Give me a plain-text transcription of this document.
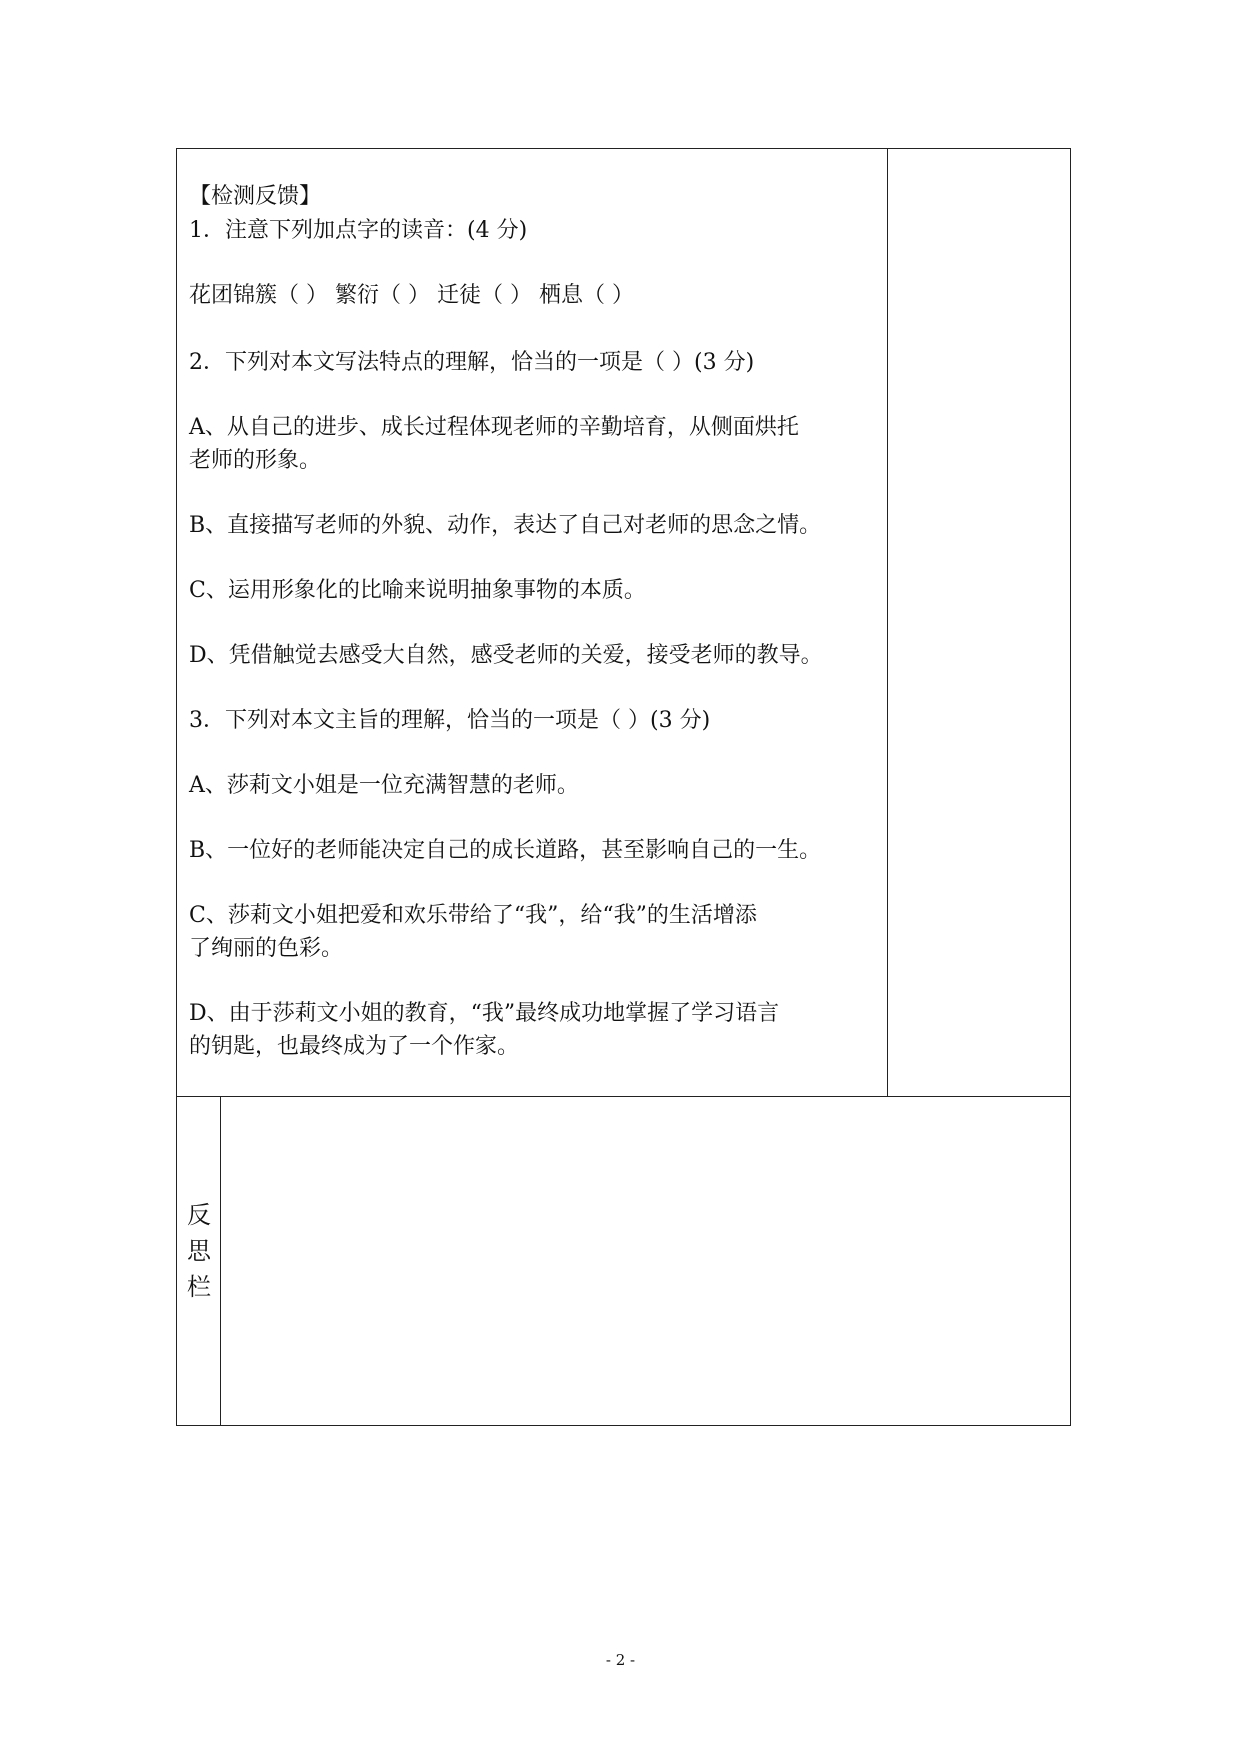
【检测反馈】
1．注意下列加点字的读音：(4 分)
花团锦簇（ ） 繁衍（ ） 迁徒（ ） 栖息（ ）
2．下列对本文写法特点的理解，恰当的一项是（ ）(3 分)
A、从自己的进步、成长过程体现老师的辛勤培育，从侧面烘托
老师的形象。
B、直接描写老师的外貌、动作，表达了自己对老师的思念之情。
C、运用形象化的比喻来说明抽象事物的本质。
D、凭借触觉去感受大自然，感受老师的关爱，接受老师的教导。
3．下列对本文主旨的理解，恰当的一项是（ ）(3 分)
A、莎莉文小姐是一位充满智慧的老师。
B、一位好的老师能决定自己的成长道路，甚至影响自己的一生。
C、莎莉文小姐把爱和欢乐带给了“我”，给“我”的生活增添
了绚丽的色彩。
D、由于莎莉文小姐的教育，“我”最终成功地掌握了学习语言
的钥匙，也最终成为了一个作家。
反
思
栏
- 2 -
